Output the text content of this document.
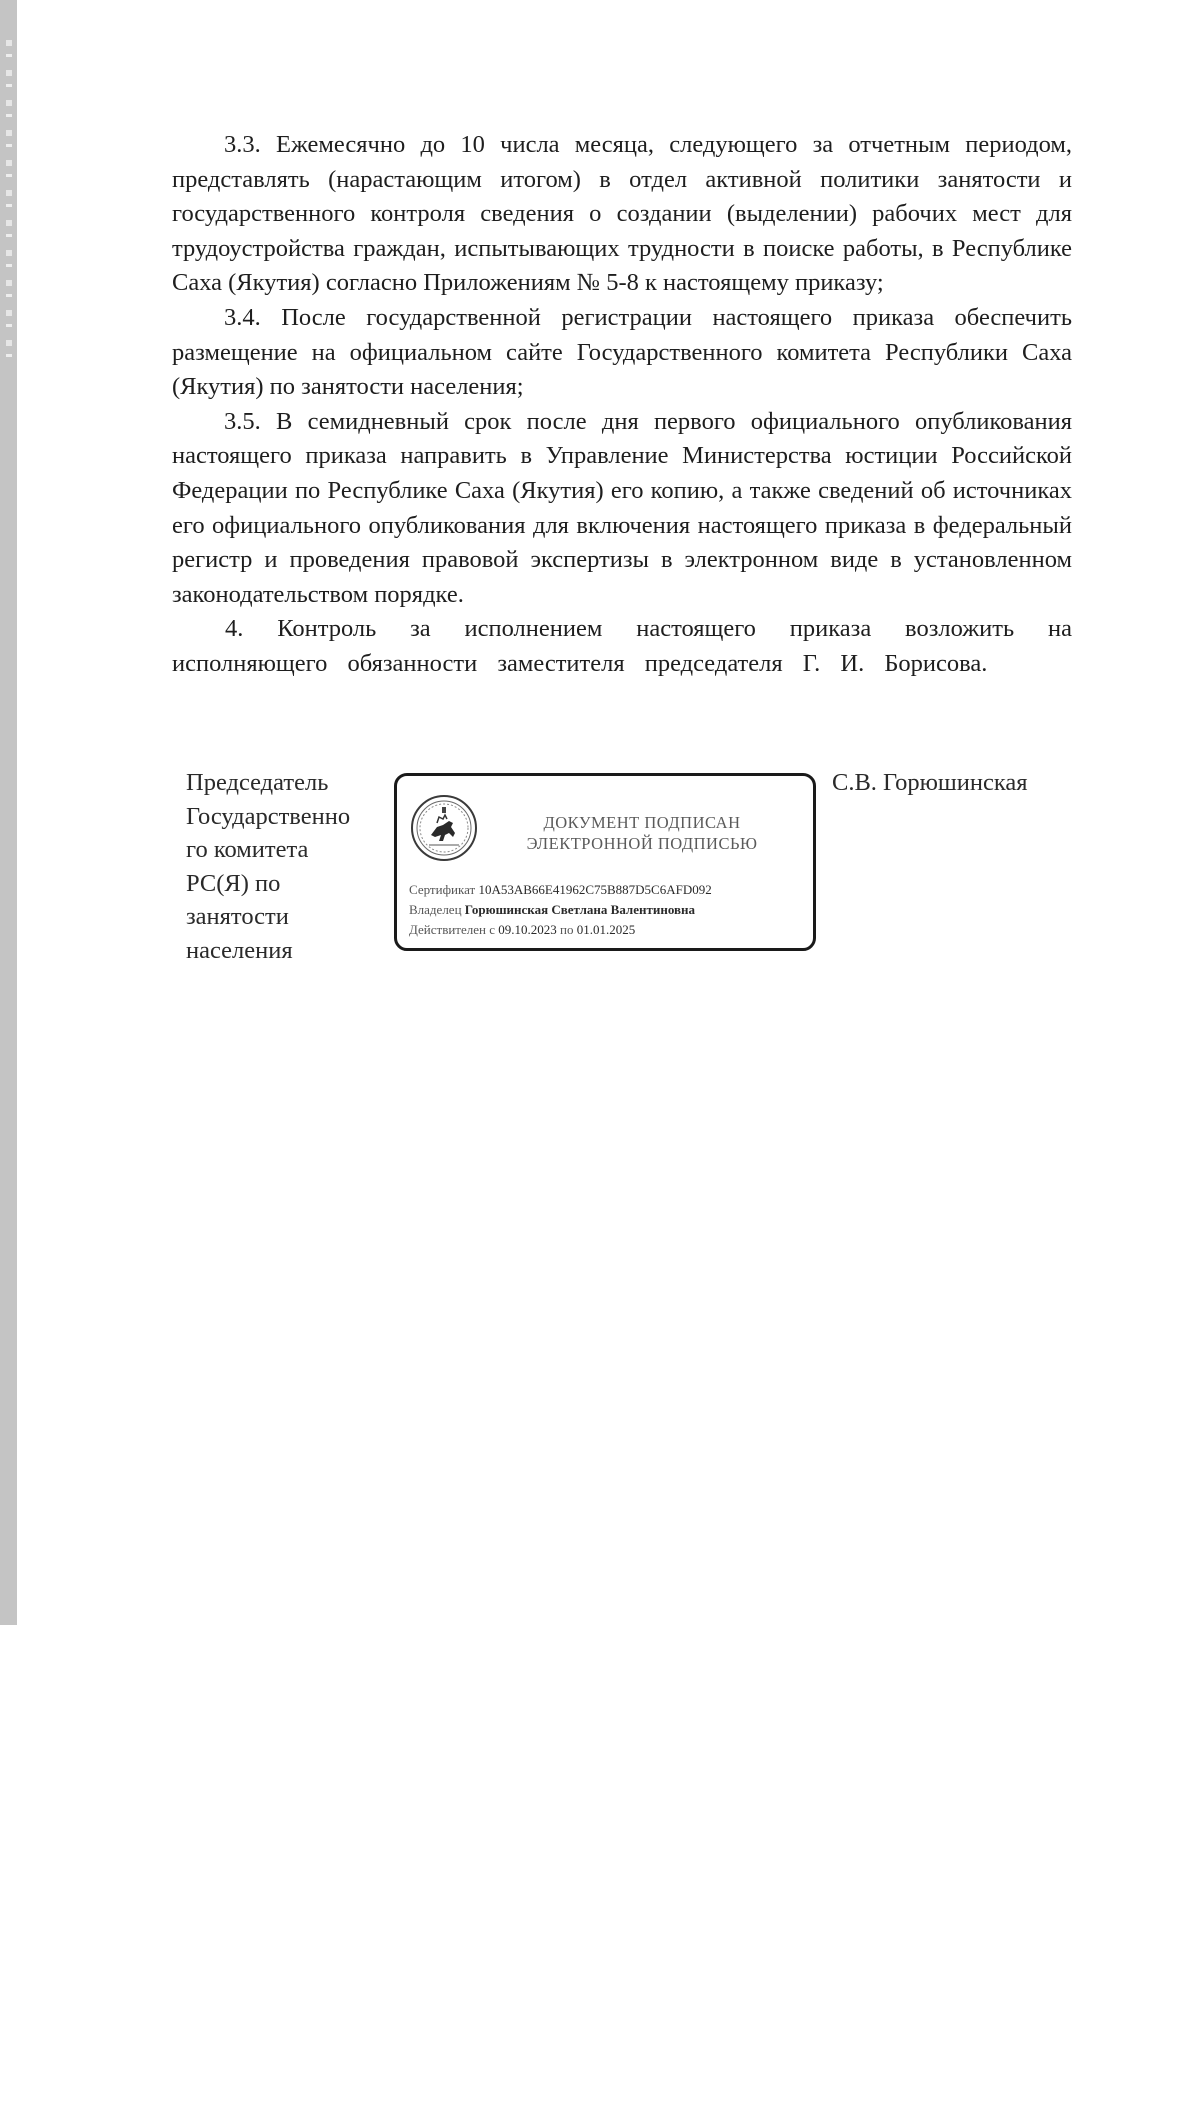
3.3. Ежемесячно до 10 числа месяца, следующего за отчетным периодом, представлять (нарастающим итогом) в отдел активной политики занятости и государственного контроля сведения о создании (выделении) рабочих мест для трудоустройства граждан, испытывающих трудности в поиске работы, в Республике Саха (Якутия) согласно Приложениям № 5-8 к настоящему приказу;

3.4. После государственной регистрации настоящего приказа обеспечить размещение на официальном сайте Государственного комитета Республики Саха (Якутия) по занятости населения;

3.5. В семидневный срок после дня первого официального опубликования настоящего приказа направить в Управление Министерства юстиции Российской Федерации по Республике Саха (Якутия) его копию, а также сведений об источниках его официального опубликования для включения настоящего приказа в федеральный регистр и проведения правовой экспертизы в электронном виде в установленном законодательством порядке.

4. Контроль за исполнением настоящего приказа возложить на исполняющего обязанности заместителя председателя Г. И. Борисова.

Председатель
Государственно
го комитета
РС(Я) по
занятости
населения
ДОКУМЕНТ ПОДПИСАН
ЭЛЕКТРОННОЙ ПОДПИСЬЮ
Сертификат 10A53AB66E41962C75B887D5C6AFD092
Владелец Горюшинская Светлана Валентиновна
Действителен с 09.10.2023 по 01.01.2025
С.В. Горюшинская
